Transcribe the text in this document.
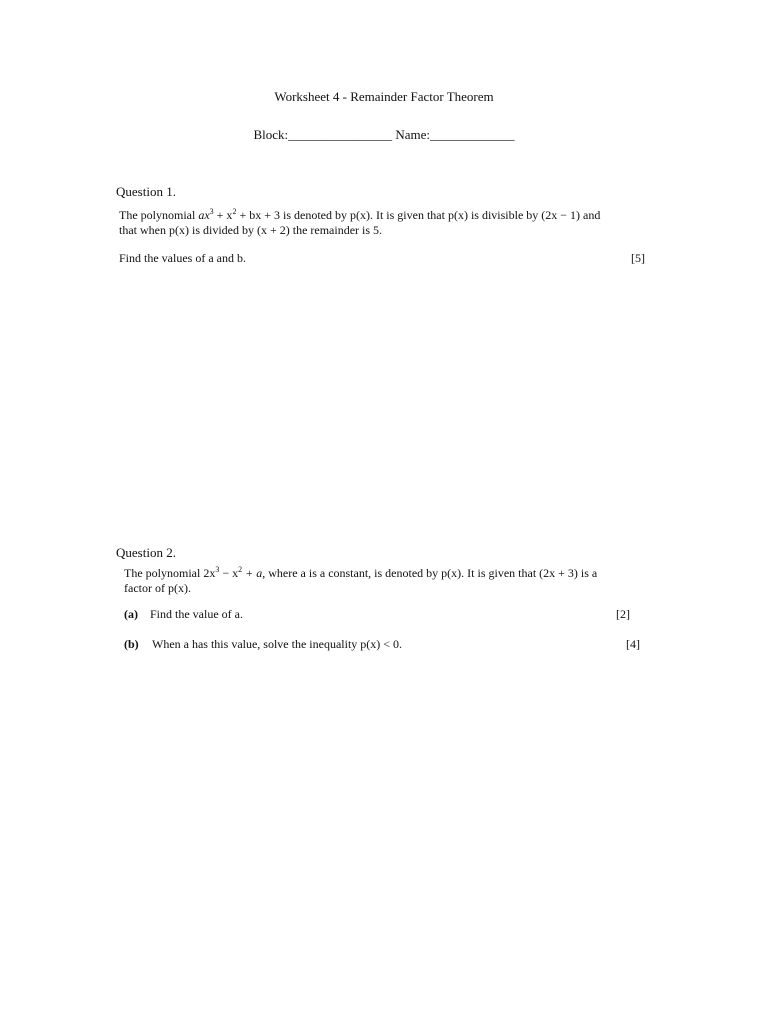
Worksheet 4 - Remainder Factor Theorem
Block:________________ Name:_____________
Question 1.
The polynomial $ax^3 + x^2$ + bx + 3 is denoted by p(x). It is given that p(x) is divisible by (2x − 1) and
that when p(x) is divided by (x + 2) the remainder is 5.
Find the values of a and b.	[5]
Question 2.
The polynomial $2x^3 - x^2 + a$, where a is a constant, is denoted by p(x). It is given that (2x + 3) is a
factor of p(x).
(a) Find the value of a.	[2]
(b) When a has this value, solve the inequality p(x) < 0.	[4]
